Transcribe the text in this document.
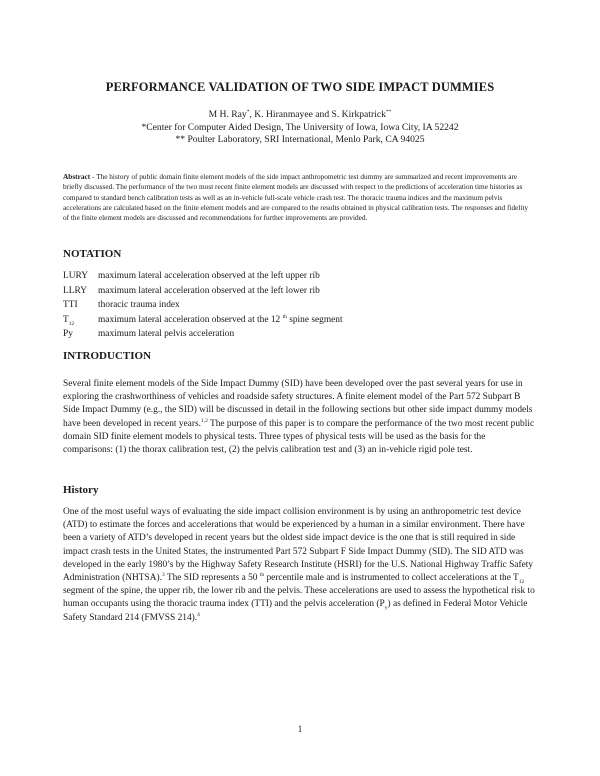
PERFORMANCE VALIDATION OF TWO SIDE IMPACT DUMMIES
M H. Ray*, K. Hiranmayee and S. Kirkpatrick**
*Center for Computer Aided Design, The University of Iowa, Iowa City, IA 52242
** Poulter Laboratory, SRI International, Menlo Park, CA 94025
Abstract - The history of public domain finite element models of the side impact anthropometric test dummy are summarized and recent improvements are briefly discussed. The performance of the two most recent finite element models are discussed with respect to the predictions of acceleration time histories as compared to standard bench calibration tests as well as an in-vehicle full-scale vehicle crash test. The thoracic trauma indices and the maximum pelvis accelerations are calculated based on the finite element models and are compared to the results obtained in physical calibration tests. The responses and fidelity of the finite element models are discussed and recommendations for further improvements are provided.
NOTATION
LURY	maximum lateral acceleration observed at the left upper rib
LLRY	maximum lateral acceleration observed at the left lower rib
TTI	thoracic trauma index
$T_{12}$	maximum lateral acceleration observed at the 12 $^{th}$ spine segment
Py	maximum lateral pelvis acceleration
INTRODUCTION
Several finite element models of the Side Impact Dummy (SID) have been developed over the past several years for use in exploring the crashworthiness of vehicles and roadside safety structures. A finite element model of the Part 572 Subpart B Side Impact Dummy (e.g., the SID) will be discussed in detail in the following sections but other side impact dummy models have been developed in recent years.$^{1,2}$ The purpose of this paper is to compare the performance of the two most recent public domain SID finite element models to physical tests. Three types of physical tests will be used as the basis for the comparisons: (1) the thorax calibration test, (2) the pelvis calibration test and (3) an in-vehicle rigid pole test.
History
One of the most useful ways of evaluating the side impact collision environment is by using an anthropometric test device (ATD) to estimate the forces and accelerations that would be experienced by a human in a similar environment. There have been a variety of ATD’s developed in recent years but the oldest side impact device is the one that is still required in side impact crash tests in the United States, the instrumented Part 572 Subpart F Side Impact Dummy (SID). The SID ATD was developed in the early 1980’s by the Highway Safety Research Institute (HSRI) for the U.S. National Highway Traffic Safety Administration (NHTSA).$^3$ The SID represents a 50 $^{th}$ percentile male and is instrumented to collect accelerations at the $T_{12}$ segment of the spine, the upper rib, the lower rib and the pelvis. These accelerations are used to assess the hypothetical risk to human occupants using the thoracic trauma index (TTI) and the pelvis acceleration $(P_y)$ as defined in Federal Motor Vehicle Safety Standard 214 (FMVSS 214).$^4$
1
